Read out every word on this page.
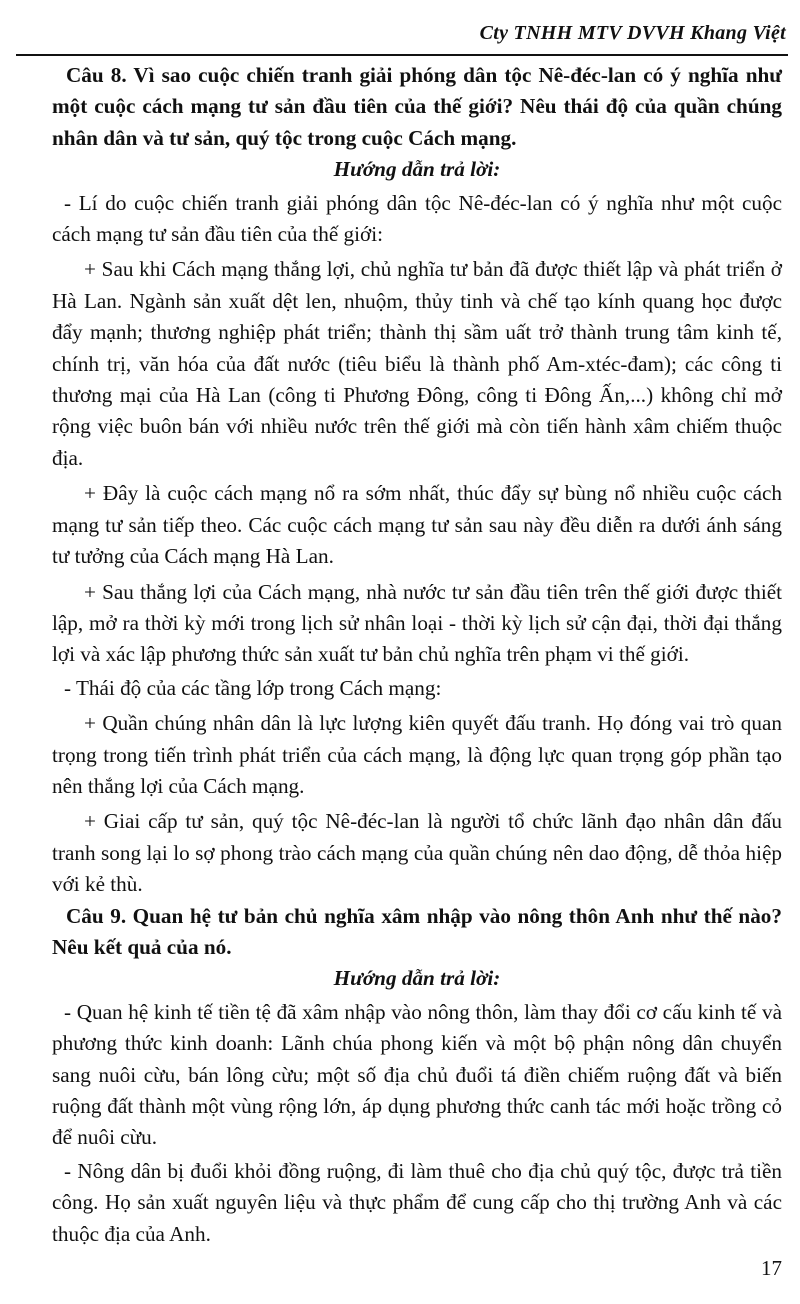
Cty TNHH MTV DVVH Khang Việt

Câu 8. Vì sao cuộc chiến tranh giải phóng dân tộc Nê-đéc-lan có ý nghĩa như một cuộc cách mạng tư sản đầu tiên của thế giới? Nêu thái độ của quần chúng nhân dân và tư sản, quý tộc trong cuộc Cách mạng.

Hướng dẫn trả lời:

- Lí do cuộc chiến tranh giải phóng dân tộc Nê-đéc-lan có ý nghĩa như một cuộc cách mạng tư sản đầu tiên của thế giới:

+ Sau khi Cách mạng thắng lợi, chủ nghĩa tư bản đã được thiết lập và phát triển ở Hà Lan. Ngành sản xuất dệt len, nhuộm, thủy tinh và chế tạo kính quang học được đẩy mạnh; thương nghiệp phát triển; thành thị sầm uất trở thành trung tâm kinh tế, chính trị, văn hóa của đất nước (tiêu biểu là thành phố Am-xtéc-đam); các công ti thương mại của Hà Lan (công ti Phương Đông, công ti Đông Ấn,...) không chỉ mở rộng việc buôn bán với nhiều nước trên thế giới mà còn tiến hành xâm chiếm thuộc địa.

+ Đây là cuộc cách mạng nổ ra sớm nhất, thúc đẩy sự bùng nổ nhiều cuộc cách mạng tư sản tiếp theo. Các cuộc cách mạng tư sản sau này đều diễn ra dưới ánh sáng tư tưởng của Cách mạng Hà Lan.

+ Sau thắng lợi của Cách mạng, nhà nước tư sản đầu tiên trên thế giới được thiết lập, mở ra thời kỳ mới trong lịch sử nhân loại - thời kỳ lịch sử cận đại, thời đại thắng lợi và xác lập phương thức sản xuất tư bản chủ nghĩa trên phạm vi thế giới.

- Thái độ của các tầng lớp trong Cách mạng:

+ Quần chúng nhân dân là lực lượng kiên quyết đấu tranh. Họ đóng vai trò quan trọng trong tiến trình phát triển của cách mạng, là động lực quan trọng góp phần tạo nên thắng lợi của Cách mạng.

+ Giai cấp tư sản, quý tộc Nê-đéc-lan là người tổ chức lãnh đạo nhân dân đấu tranh song lại lo sợ phong trào cách mạng của quần chúng nên dao động, dễ thỏa hiệp với kẻ thù.

Câu 9. Quan hệ tư bản chủ nghĩa xâm nhập vào nông thôn Anh như thế nào? Nêu kết quả của nó.

Hướng dẫn trả lời:

- Quan hệ kinh tế tiền tệ đã xâm nhập vào nông thôn, làm thay đổi cơ cấu kinh tế và phương thức kinh doanh: Lãnh chúa phong kiến và một bộ phận nông dân chuyển sang nuôi cừu, bán lông cừu; một số địa chủ đuổi tá điền chiếm ruộng đất và biến ruộng đất thành một vùng rộng lớn, áp dụng phương thức canh tác mới hoặc trồng cỏ để nuôi cừu.

- Nông dân bị đuổi khỏi đồng ruộng, đi làm thuê cho địa chủ quý tộc, được trả tiền công. Họ sản xuất nguyên liệu và thực phẩm để cung cấp cho thị trường Anh và các thuộc địa của Anh.

17
